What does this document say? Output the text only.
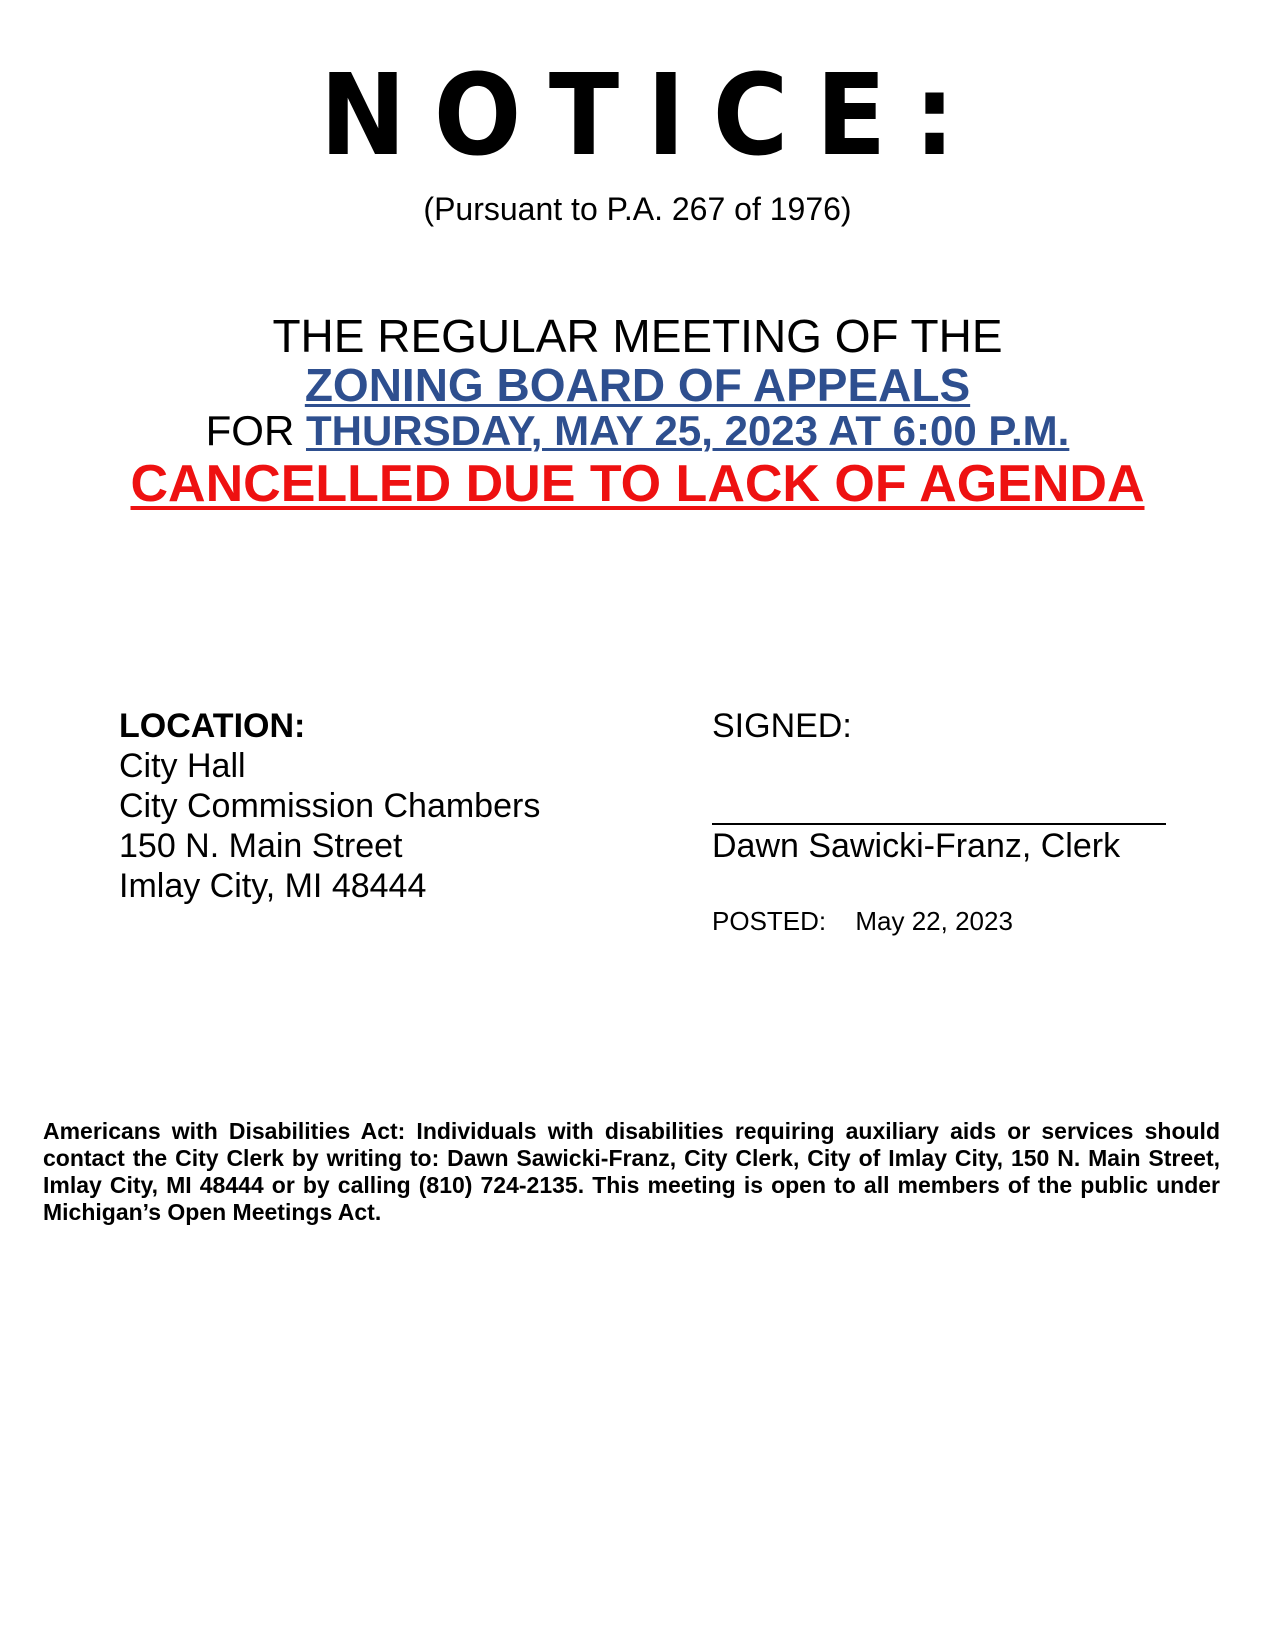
NOTICE:
(Pursuant to P.A. 267 of 1976)
THE REGULAR MEETING OF THE
ZONING BOARD OF APPEALS
FOR THURSDAY, MAY 25, 2023 AT 6:00 P.M.
CANCELLED DUE TO LACK OF AGENDA
LOCATION:
City Hall
City Commission Chambers
150 N. Main Street
Imlay City, MI 48444
SIGNED:
Dawn Sawicki-Franz, Clerk
POSTED: May 22, 2023
Americans with Disabilities Act: Individuals with disabilities requiring auxiliary aids or services should contact the City Clerk by writing to: Dawn Sawicki-Franz, City Clerk, City of Imlay City, 150 N. Main Street, Imlay City, MI 48444 or by calling (810) 724-2135. This meeting is open to all members of the public under Michigan’s Open Meetings Act.
